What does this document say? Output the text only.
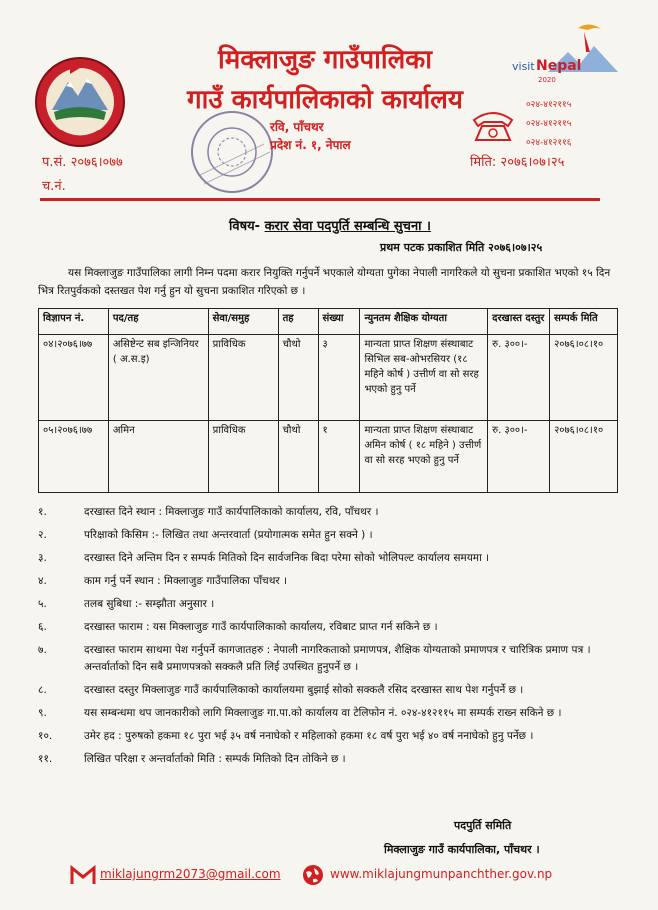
मिक्लाजुङ गाउँपालिका
गाउँ कार्यपालिकाको कार्यालय
रवि, पाँचथर
प्रदेश नं. १, नेपाल
visit Nepal
2020
०२४-४१२११५
०२४-४१२११५
०२४-४१२११६
प.सं. २०७६।०७७
च.नं.
मिति: २०७६।०७।२५
विषय- करार सेवा पदपुर्ति सम्बन्धि सुचना ।
प्रथम पटक प्रकाशित मिति २०७६।०७।२५
यस मिक्लाजुङ गाउँपालिका लागी निम्न पदमा करार नियुक्ति गर्नुपर्ने भएकाले योग्यता पुगेका नेपाली नागरिकले यो सुचना प्रकाशित भएको १५ दिन भित्र रितपुर्वकको दस्तखत पेश गर्नु हुन यो सुचना प्रकाशित गरिएको छ ।
विज्ञापन नं.	पद/तह	सेवा/समुह	तह	संख्या	न्युनतम शैक्षिक योग्यता	दरखास्त दस्तुर	सम्पर्क मिति
०४।२०७६।७७	असिष्टेन्ट सब इन्जिनियर ( अ.स.इ)	प्राविधिक	चौथो	३	मान्यता प्राप्त शिक्षण संस्थाबाट सिभिल सब-ओभरसियर (१८ महिने कोर्ष ) उत्तीर्ण वा सो सरह भएको हुनु पर्ने	रु. ३००।-	२०७६।०८।१०
०५।२०७६।७७	अमिन	प्राविधिक	चौथो	१	मान्यता प्राप्त शिक्षण संस्थाबाट अमिन कोर्ष ( १८ महिने ) उत्तीर्ण वा सो सरह भएको हुनु पर्ने	रु. ३००।-	२०७६।०८।१०
१.	दरखास्त दिने स्थान : मिक्लाजुङ गाउँ कार्यपालिकाको कार्यालय, रवि, पाँचथर ।
२.	परिक्षाको किसिम :- लिखित तथा अन्तरवार्ता (प्रयोगात्मक समेत हुन सक्ने ) ।
३.	दरखास्त दिने अन्तिम दिन र सम्पर्क मितिको दिन सार्वजनिक बिदा परेमा सोको भोलिपल्ट कार्यालय समयमा ।
४.	काम गर्नु पर्ने स्थान : मिक्लाजुङ गाउँपालिका पाँचथर ।
५.	तलब सुबिधा :- सम्झौता अनुसार ।
६.	दरखास्त फाराम : यस मिक्लाजुङ गाउँ कार्यपालिकाको कार्यालय, रविबाट प्राप्त गर्न सकिने छ ।
७.	दरखास्त फाराम साथमा पेश गर्नुपर्ने कागजातहरु : नेपाली नागरिकताको प्रमाणपत्र, शैक्षिक योग्यताको प्रमाणपत्र र चारित्रिक प्रमाण पत्र । अन्तर्वार्ताको दिन सबै प्रमाणपत्रको सक्कलै प्रति लिई उपस्थित हुनुपर्ने छ ।
८.	दरखास्त दस्तुर मिक्लाजुङ गाउँ कार्यपालिकाको कार्यालयमा बुझाई सोको सक्कलै रसिद दरखास्त साथ पेश गर्नुपर्ने छ ।
९.	यस सम्बन्धमा थप जानकारीको लागि मिक्लाजुङ गा.पा.को कार्यालय वा टेलिफोन नं. ०२४-४१२११५ मा सम्पर्क राख्न सकिने छ ।
१०.	उमेर हद : पुरुषको हकमा १८ पुरा भई ३५ वर्ष ननाघेको र महिलाको हकमा १८ वर्ष पुरा भई ४० वर्ष ननाघेको हुनु पर्नेछ ।
११.	लिखित परिक्षा र अन्तर्वार्ताको मिति : सम्पर्क मितिको दिन तोकिने छ ।
पदपुर्ति समिति
मिक्लाजुङ गाउँ कार्यपालिका, पाँचथर ।
miklajungrm2073@gmail.com	www.miklajungmunpanchther.gov.np
